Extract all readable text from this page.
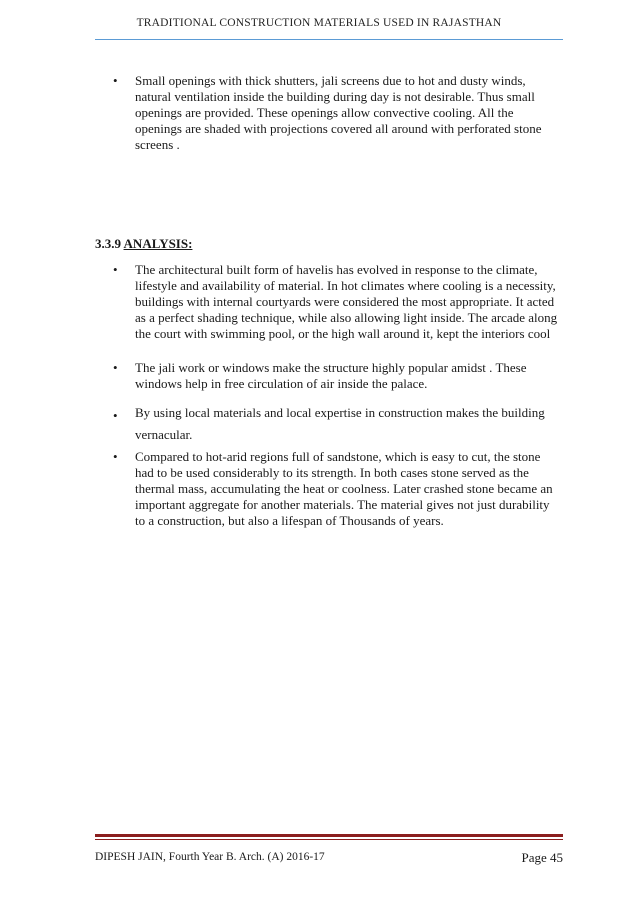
TRADITIONAL CONSTRUCTION MATERIALS USED IN RAJASTHAN
• Small openings with thick shutters, jali screens due to hot and dusty winds, natural ventilation inside the building during day is not desirable. Thus small openings are provided. These openings allow convective cooling. All the openings are shaded with projections covered all around with perforated stone screens .
3.3.9 ANALYSIS:
• The architectural built form of havelis has evolved in response to the climate, lifestyle and availability of material. In hot climates where cooling is a necessity, buildings with internal courtyards were considered the most appropriate. It acted as a perfect shading technique, while also allowing light inside. The arcade along the court with swimming pool, or the high wall around it, kept the interiors cool
• The jali work or windows make the structure highly popular amidst . These windows help in free circulation of air inside the palace.
• By using local materials and local expertise in construction makes the building vernacular.
• Compared to hot-arid regions full of sandstone, which is easy to cut, the stone had to be used considerably to its strength. In both cases stone served as the thermal mass, accumulating the heat or coolness. Later crashed stone became an important aggregate for another materials. The material gives not just durability to a construction, but also a lifespan of Thousands of years.
DIPESH JAIN, Fourth Year B. Arch. (A) 2016-17	Page 45
